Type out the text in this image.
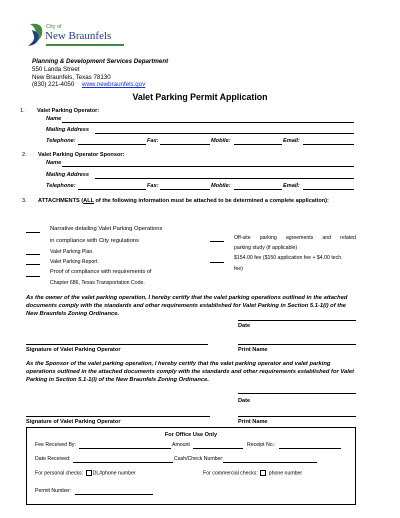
City of
New Braunfels
Planning & Development Services Department
550 Landa Street
New Braunfels, Texas 78130
(830) 221-4050 www.newbraunfels.gov
Valet Parking Permit Application
1. Valet Parking Operator:
Name
Mailing Address
Telephone:	Fax:	Mobile:	Email:
2. Valet Parking Operator Sponsor:
Name
Mailing Address
Telephone:	Fax:	Mobile:	Email:
3. ATTACHMENTS (ALL of the following information must be attached to be determined a complete application):
Narrative detailing Valet Parking Operations
in compliance with City regulations
Valet Parking Plan.
Valet Parking Report.
Proof of compliance with requirements of
Chapter 686, Texas Transportation Code.
Off-site parking agreements and related
parking study (if applicable)
$154.00 fee ($150 application fee + $4.00 tech.
fee)
As the owner of the valet parking operation, I hereby certify that the valet parking operations outlined in the attached documents comply with the standards and other requirements established for Valet Parking in Section 5.1-1(i) of the New Braunfels Zoning Ordinance.
Date
Signature of Valet Parking Operator	Print Name
As the Sponsor of the valet parking operation, I hereby certify that the valet parking operator and valet parking operations outlined in the attached documents comply with the standards and other requirements established for Valet Parking in Section 5.1-1(i) of the New Braunfels Zoning Ordinance.
Date
Signature of Valet Parking Operator	Print Name
For Office Use Only
Fee Received By:	Amount	Receipt No.:
Date Received:	Cash/Check Number:
For personal checks: DL#phone number	For commercial checks: phone number
Permit Number:
